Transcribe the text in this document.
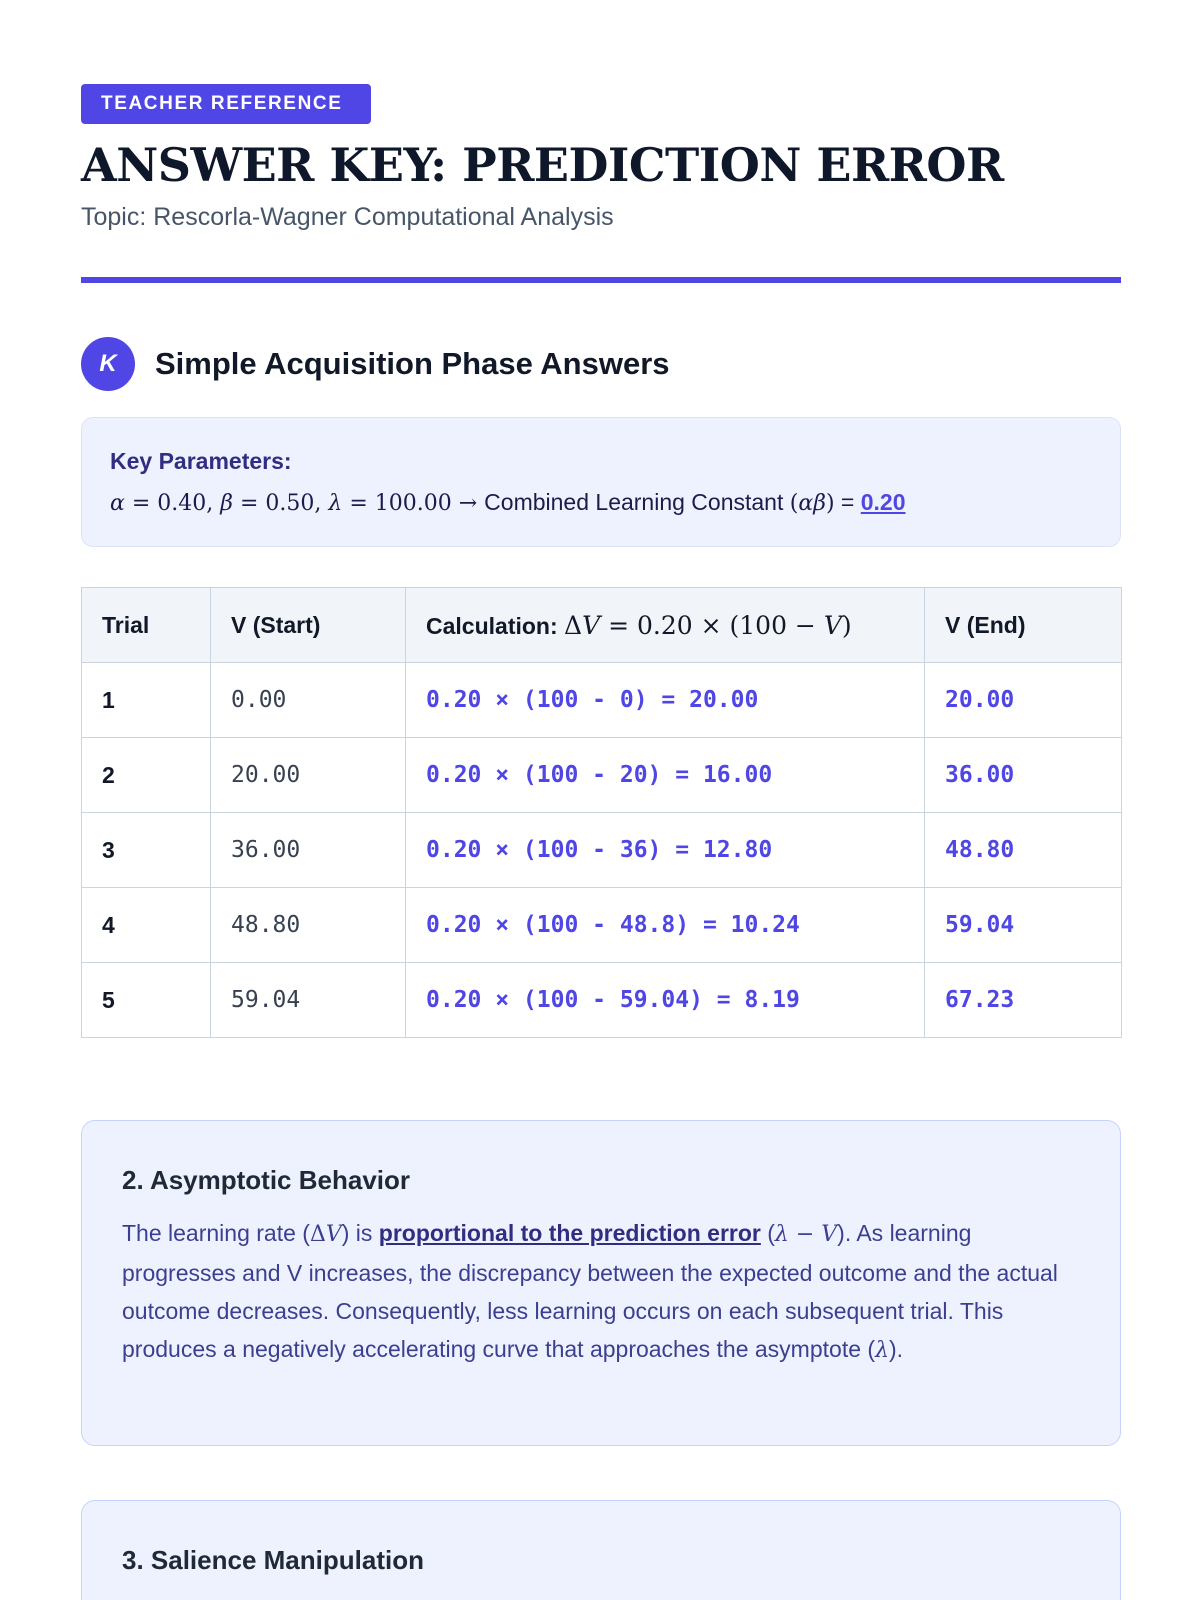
TEACHER REFERENCE
ANSWER KEY: PREDICTION ERROR
Topic: Rescorla-Wagner Computational Analysis
K	Simple Acquisition Phase Answers
Key Parameters:
α = 0.40, β = 0.50, λ = 100.00 → Combined Learning Constant (αβ) = 0.20
Trial	V (Start)	Calculation: ΔV = 0.20 × (100 − V)	V (End)
1	0.00	0.20 × (100 - 0) = 20.00	20.00
2	20.00	0.20 × (100 - 20) = 16.00	36.00
3	36.00	0.20 × (100 - 36) = 12.80	48.80
4	48.80	0.20 × (100 - 48.8) = 10.24	59.04
5	59.04	0.20 × (100 - 59.04) = 8.19	67.23
2. Asymptotic Behavior

The learning rate (ΔV) is proportional to the prediction error (λ − V). As learning progresses and V increases, the discrepancy between the expected outcome and the actual outcome decreases. Consequently, less learning occurs on each subsequent trial. This produces a negatively accelerating curve that approaches the asymptote (λ).

3. Salience Manipulation
